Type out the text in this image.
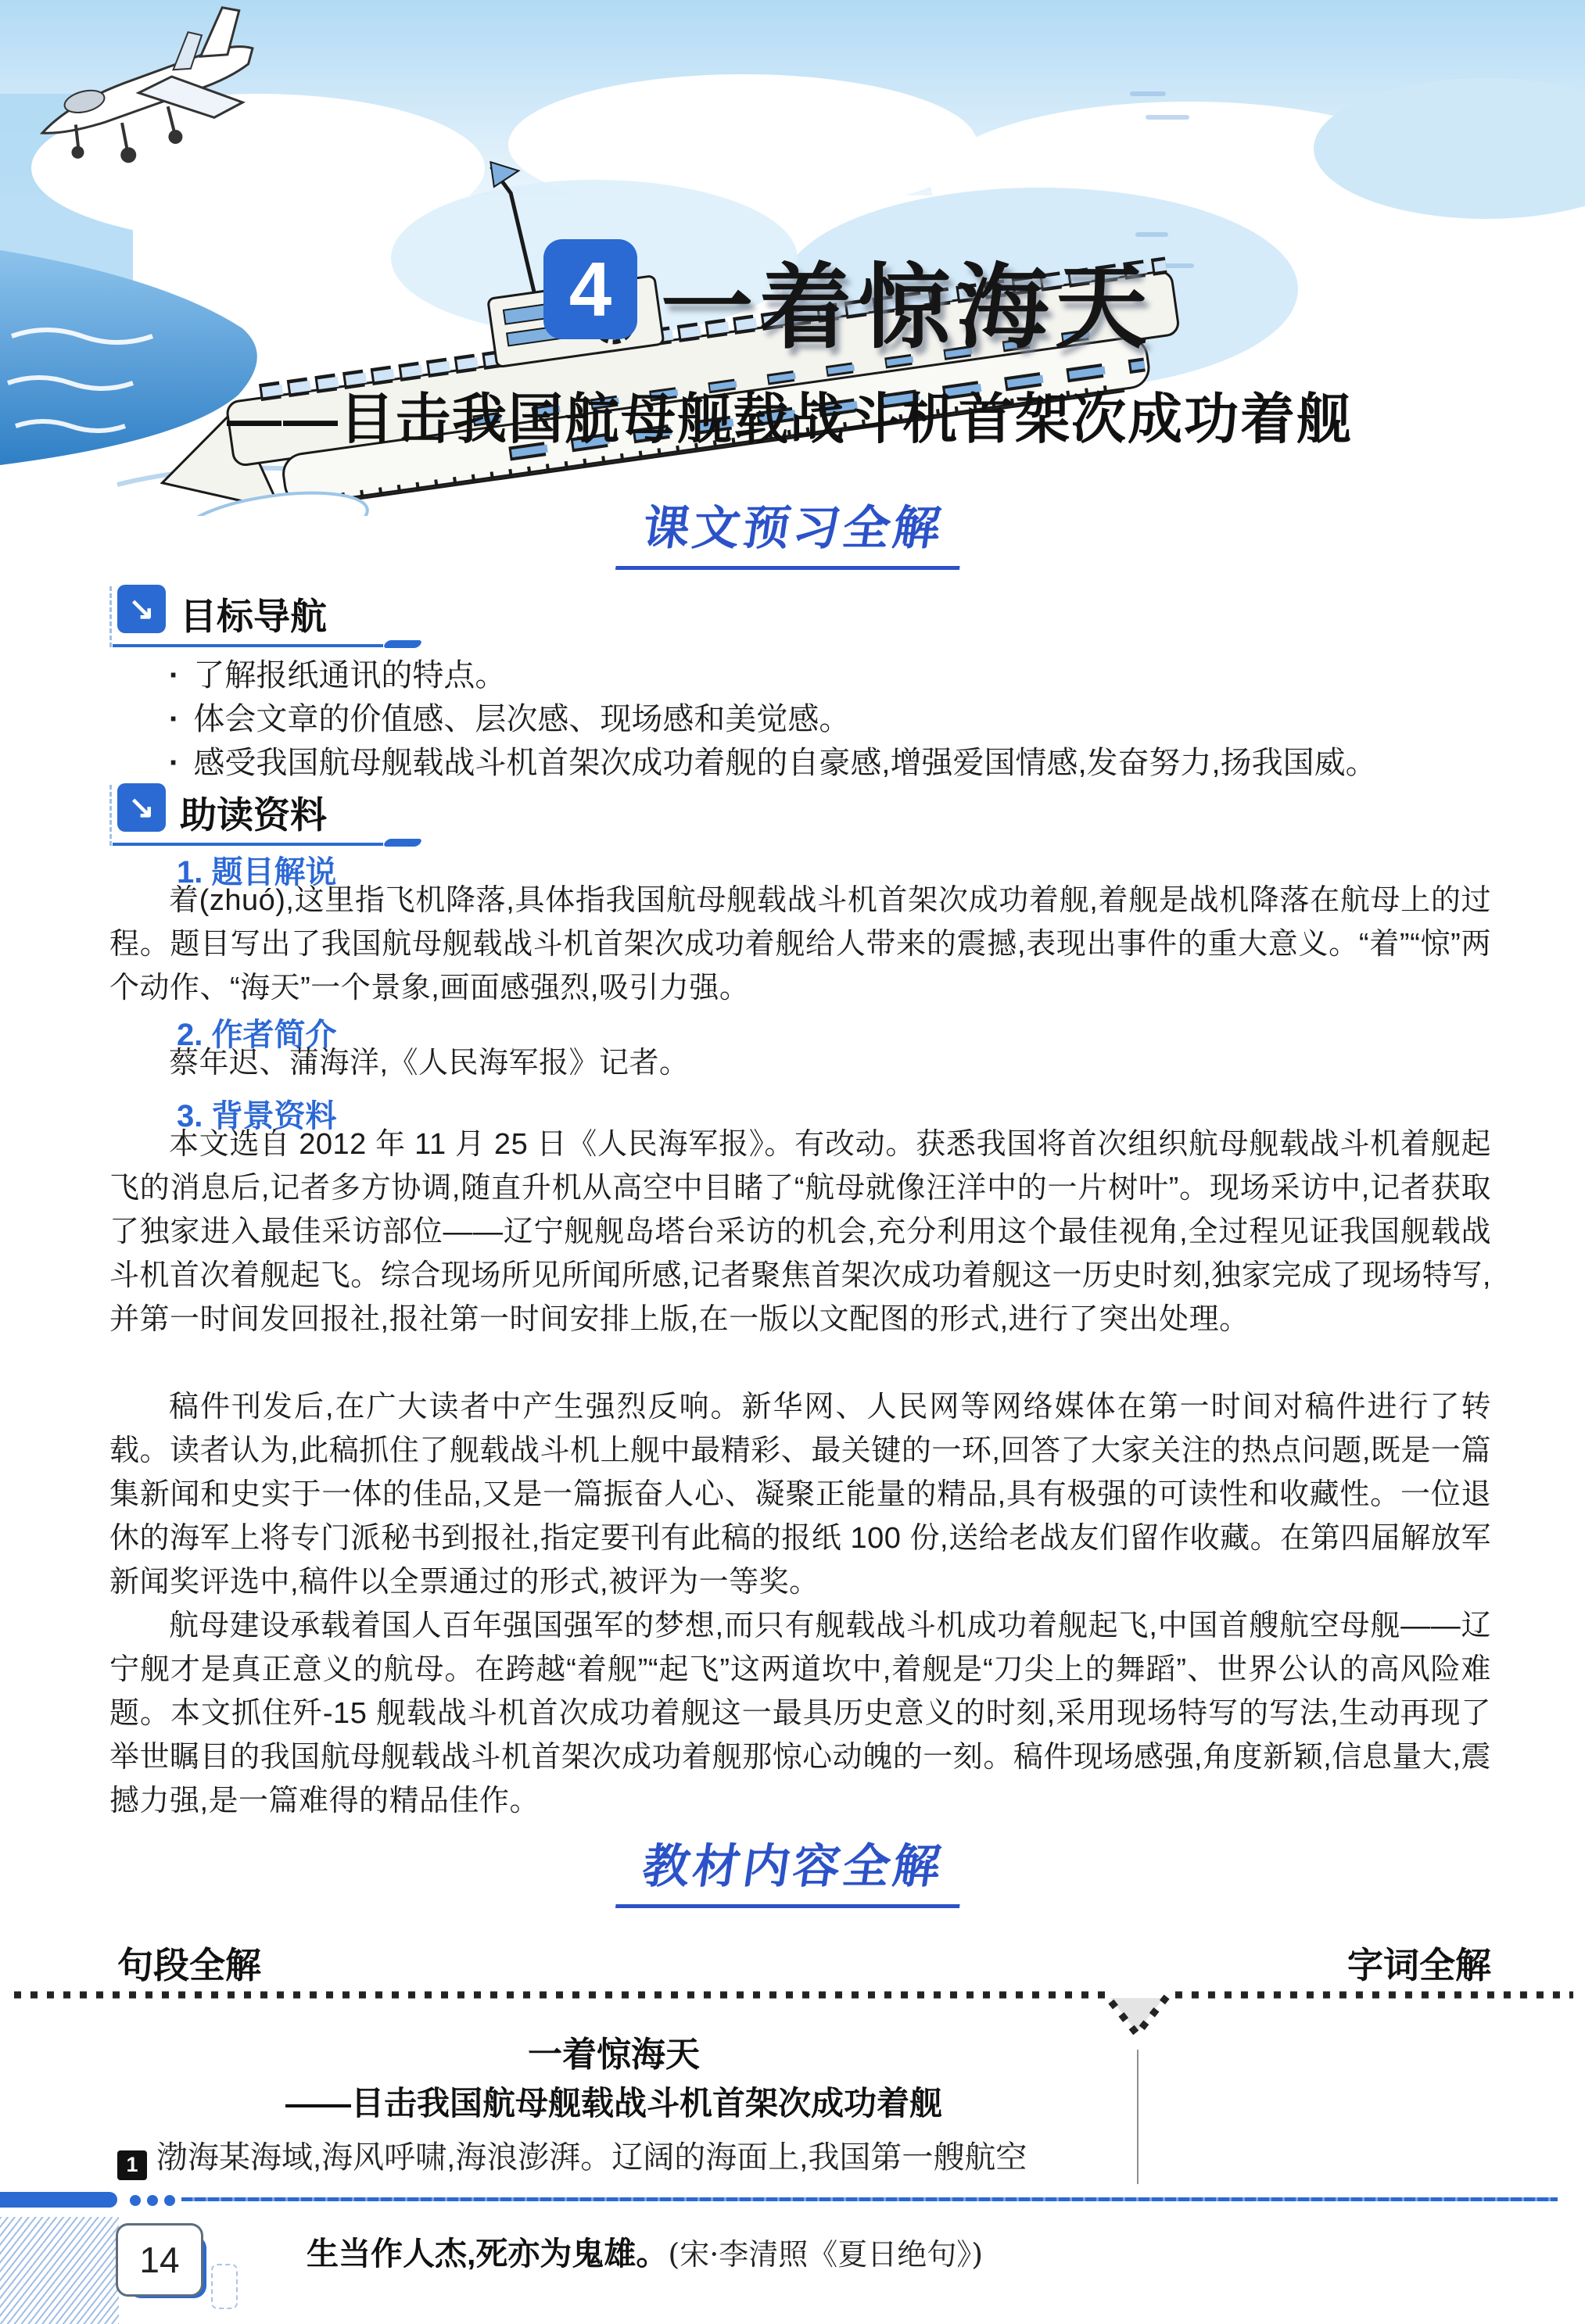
4 一着惊海天
——目击我国航母舰载战斗机首架次成功着舰
课文预习全解
↘ 目标导航
· 了解报纸通讯的特点。
· 体会文章的价值感、层次感、现场感和美觉感。
· 感受我国航母舰载战斗机首架次成功着舰的自豪感,增强爱国情感,发奋努力,扬我国威。
↘ 助读资料
1. 题目解说

着(zhuó),这里指飞机降落,具体指我国航母舰载战斗机首架次成功着舰,着舰是战机降落在航母上的过程。题目写出了我国航母舰载战斗机首架次成功着舰给人带来的震撼,表现出事件的重大意义。“着”“惊”两个动作、“海天”一个景象,画面感强烈,吸引力强。

2. 作者简介

蔡年迟、蒲海洋,《人民海军报》记者。

3. 背景资料

本文选自 2012 年 11 月 25 日《人民海军报》。有改动。获悉我国将首次组织航母舰载战斗机着舰起飞的消息后,记者多方协调,随直升机从高空中目睹了“航母就像汪洋中的一片树叶”。现场采访中,记者获取了独家进入最佳采访部位——辽宁舰舰岛塔台采访的机会,充分利用这个最佳视角,全过程见证我国舰载战斗机首次着舰起飞。综合现场所见所闻所感,记者聚焦首架次成功着舰这一历史时刻,独家完成了现场特写,并第一时间发回报社,报社第一时间安排上版,在一版以文配图的形式,进行了突出处理。

稿件刊发后,在广大读者中产生强烈反响。新华网、人民网等网络媒体在第一时间对稿件进行了转载。读者认为,此稿抓住了舰载战斗机上舰中最精彩、最关键的一环,回答了大家关注的热点问题,既是一篇集新闻和史实于一体的佳品,又是一篇振奋人心、凝聚正能量的精品,具有极强的可读性和收藏性。一位退休的海军上将专门派秘书到报社,指定要刊有此稿的报纸 100 份,送给老战友们留作收藏。在第四届解放军新闻奖评选中,稿件以全票通过的形式,被评为一等奖。

航母建设承载着国人百年强国强军的梦想,而只有舰载战斗机成功着舰起飞,中国首艘航空母舰——辽宁舰才是真正意义的航母。在跨越“着舰”“起飞”这两道坎中,着舰是“刀尖上的舞蹈”、世界公认的高风险难题。本文抓住歼-15 舰载战斗机首次成功着舰这一最具历史意义的时刻,采用现场特写的写法,生动再现了举世瞩目的我国航母舰载战斗机首架次成功着舰那惊心动魄的一刻。稿件现场感强,角度新颖,信息量大,震撼力强,是一篇难得的精品佳作。

教材内容全解
句段全解	字词全解
一着惊海天
——目击我国航母舰载战斗机首架次成功着舰
1 渤海某海域,海风呼啸,海浪澎湃。辽阔的海面上,我国第一艘航空
14	生当作人杰,死亦为鬼雄。(宋·李清照《夏日绝句》)
